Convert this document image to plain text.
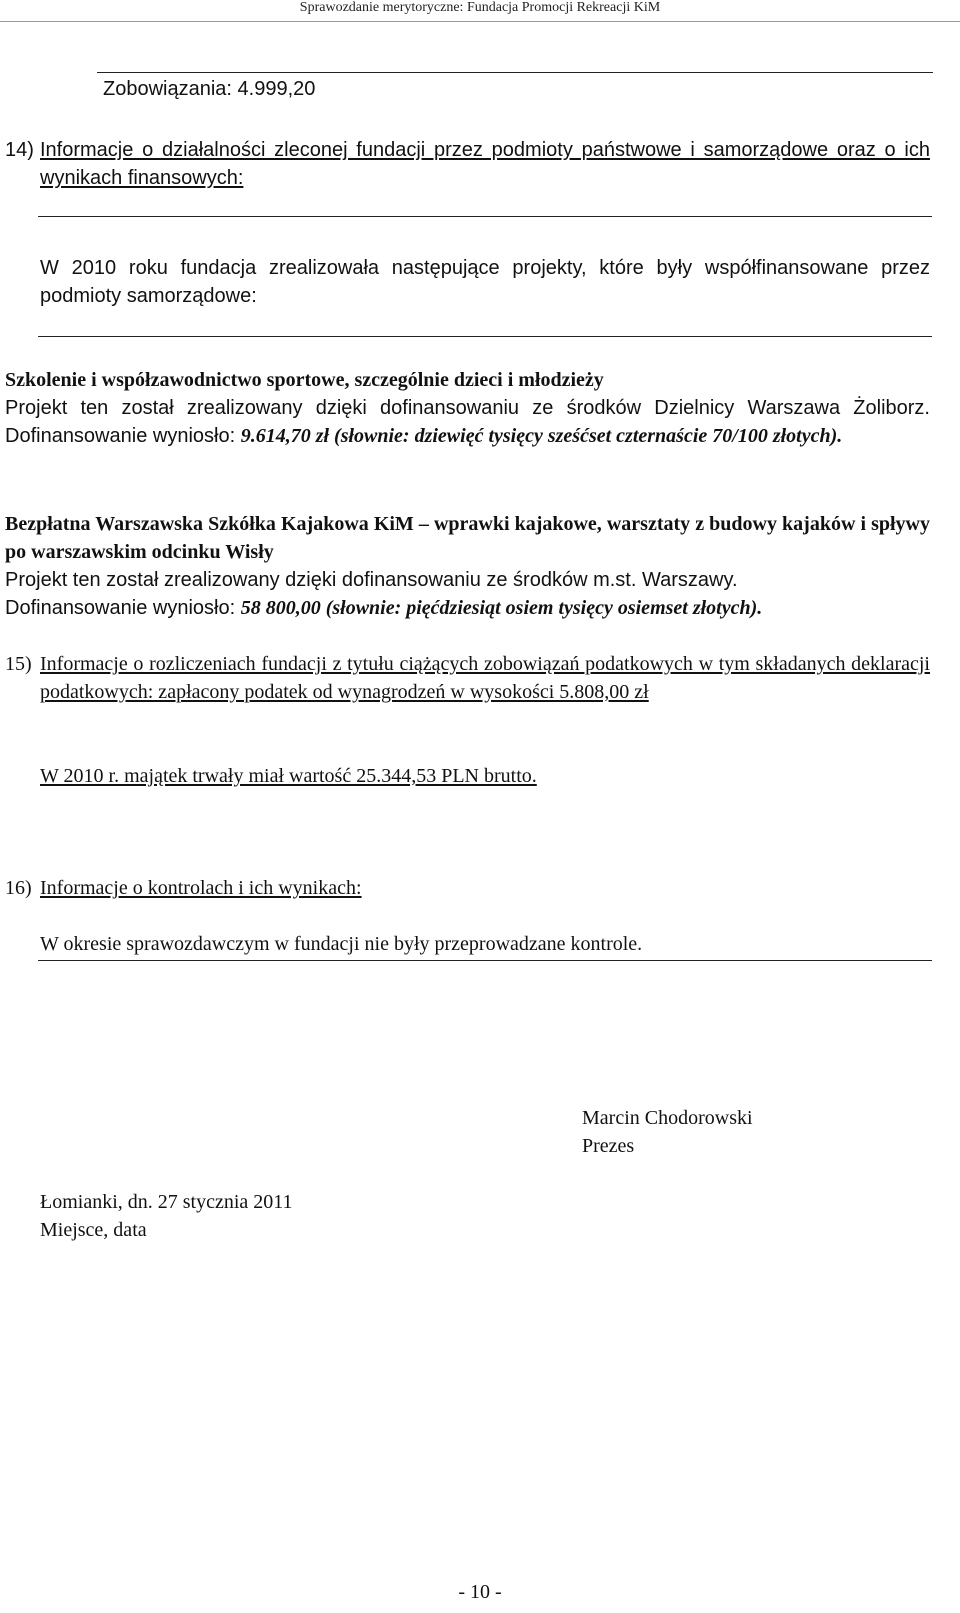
Sprawozdanie merytoryczne: Fundacja Promocji Rekreacji KiM
Zobowiązania: 4.999,20
14) Informacje o działalności zleconej fundacji przez podmioty państwowe i samorządowe oraz o ich wynikach finansowych:
W 2010 roku fundacja zrealizowała następujące projekty, które były współfinansowane przez podmioty samorządowe:
Szkolenie i współzawodnictwo sportowe, szczególnie dzieci i młodzieży
Projekt ten został zrealizowany dzięki dofinansowaniu ze środków Dzielnicy Warszawa Żoliborz. Dofinansowanie wyniosło: 9.614,70 zł (słownie: dziewięć tysięcy sześćset czternaście 70/100 złotych).
Bezpłatna Warszawska Szkółka Kajakowa KiM – wprawki kajakowe, warsztaty z budowy kajaków i spływy po warszawskim odcinku Wisły
Projekt ten został zrealizowany dzięki dofinansowaniu ze środków m.st. Warszawy.
Dofinansowanie wyniosło: 58 800,00 (słownie: pięćdziesiąt osiem tysięcy osiemset złotych).
15) Informacje o rozliczeniach fundacji z tytułu ciążących zobowiązań podatkowych w tym składanych deklaracji podatkowych: zapłacony podatek od wynagrodzeń w wysokości 5.808,00 zł
W 2010 r. majątek trwały miał wartość 25.344,53 PLN brutto.
16) Informacje o kontrolach i ich wynikach:
W okresie sprawozdawczym w fundacji nie były przeprowadzane kontrole.
Marcin Chodorowski
Prezes
Łomianki, dn. 27 stycznia 2011
Miejsce, data
- 10 -
